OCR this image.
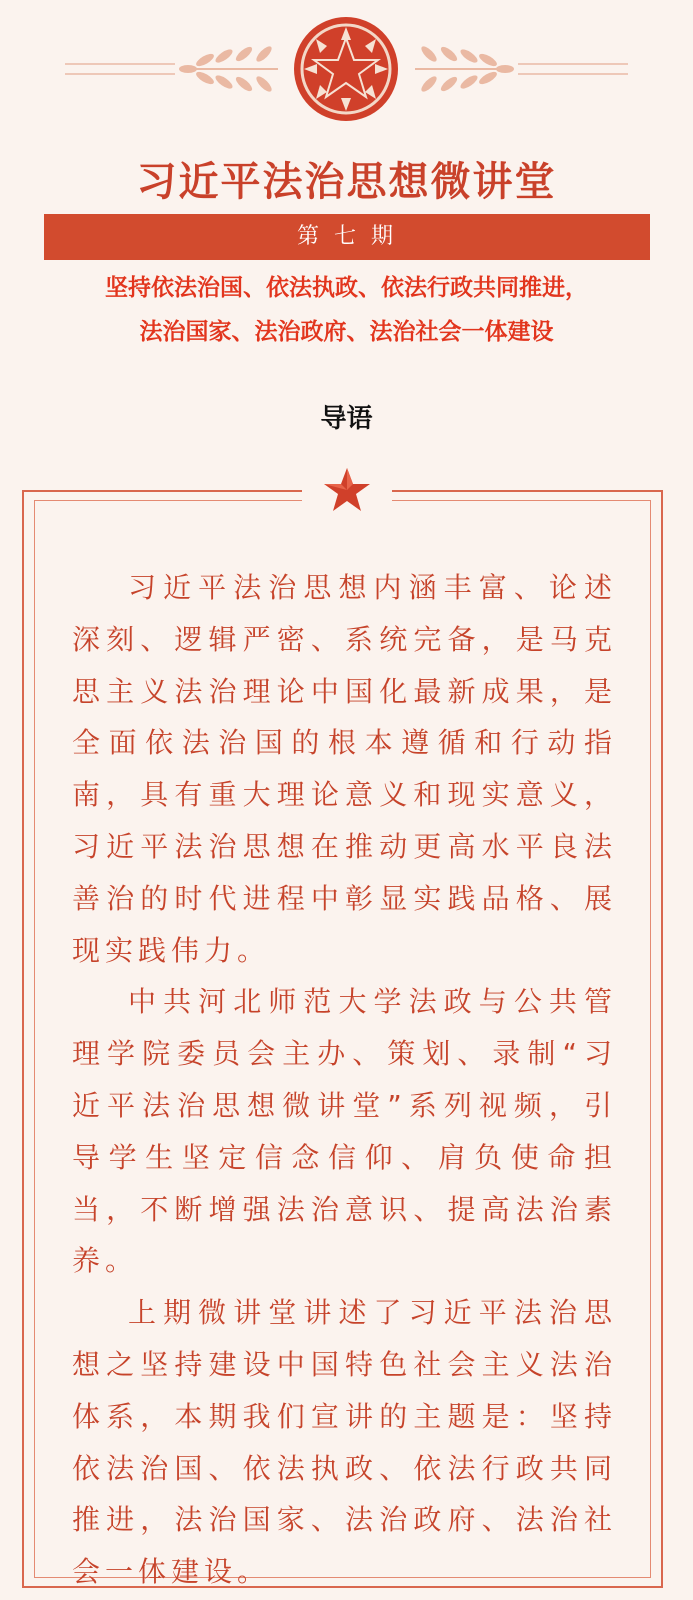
习近平法治思想微讲堂
第 七 期
坚持依法治国、依法执政、依法行政共同推进，
法治国家、法治政府、法治社会一体建设
导语

习近平法治思想内涵丰富、论述深刻、逻辑严密、系统完备，是马克思主义法治理论中国化最新成果，是全面依法治国的根本遵循和行动指南，具有重大理论意义和现实意义，习近平法治思想在推动更高水平良法善治的时代进程中彰显实践品格、展现实践伟力。

中共河北师范大学法政与公共管理学院委员会主办、策划、录制“习近平法治思想微讲堂”系列视频，引导学生坚定信念信仰、肩负使命担当，不断增强法治意识、提高法治素养。

上期微讲堂讲述了习近平法治思想之坚持建设中国特色社会主义法治体系，本期我们宣讲的主题是：坚持依法治国、依法执政、依法行政共同推进，法治国家、法治政府、法治社会一体建设。
